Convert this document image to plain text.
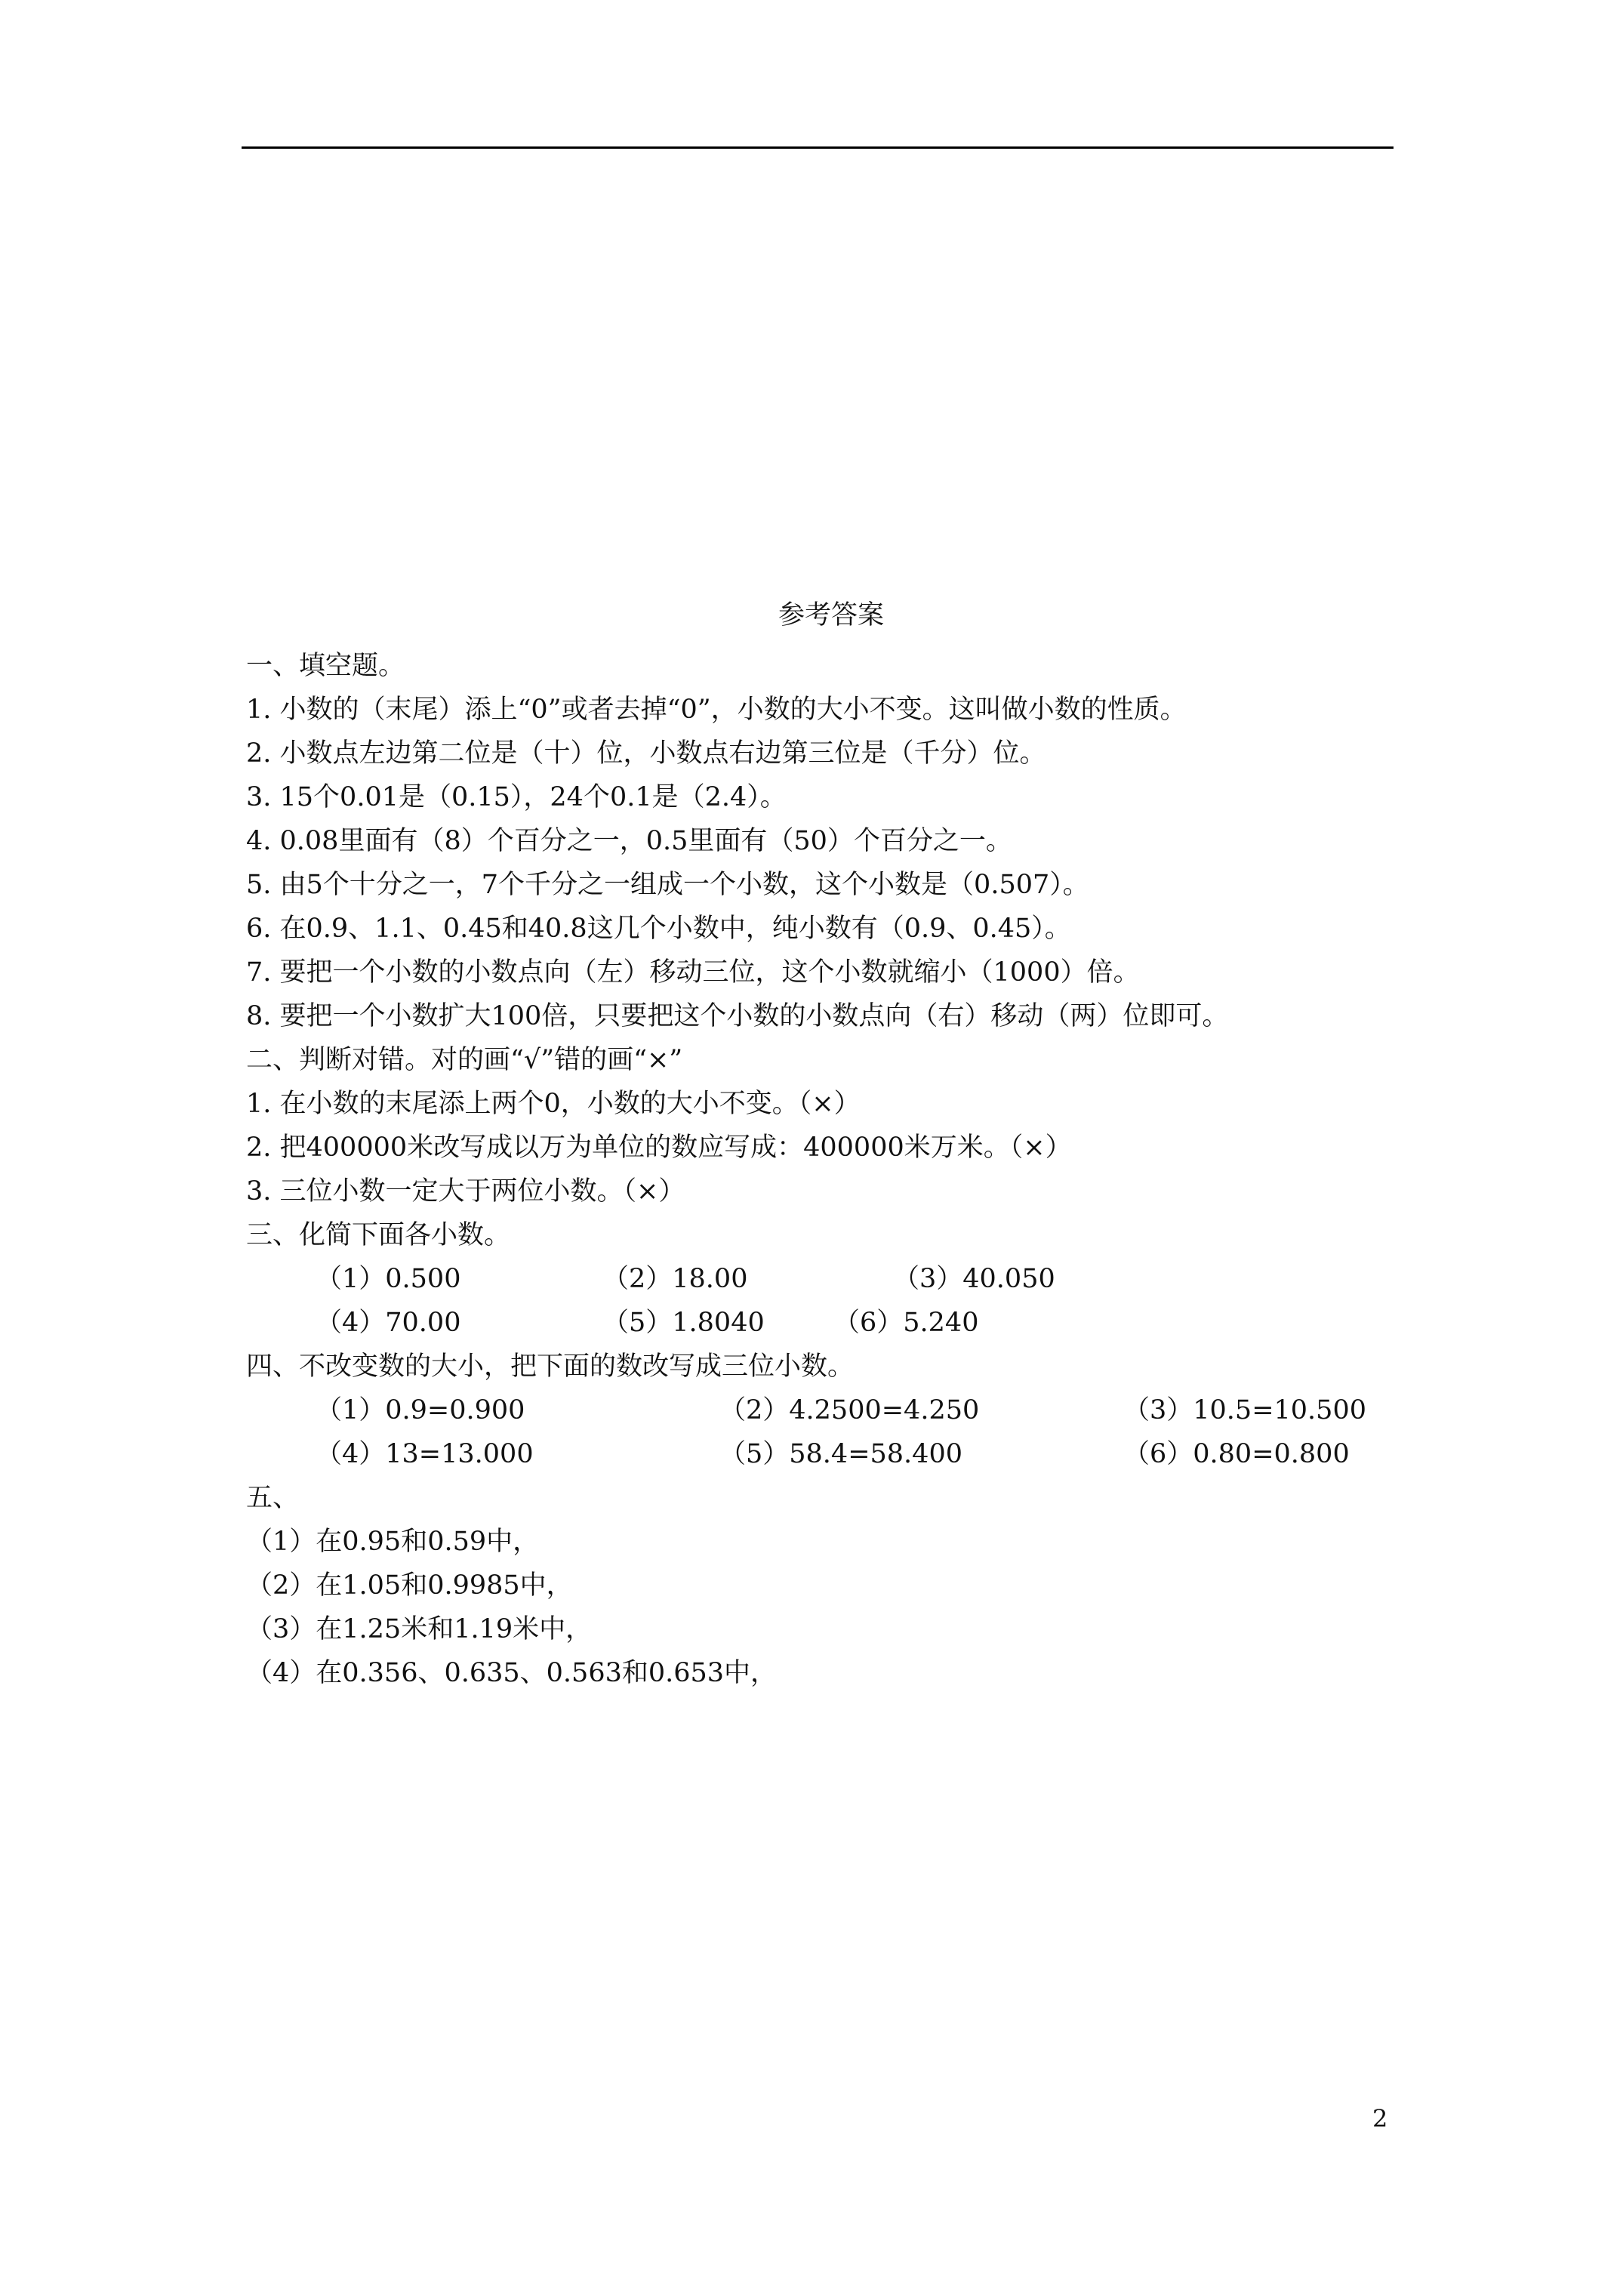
参考答案
一、填空题。
1. 小数的（末尾）添上“0”或者去掉“0”，小数的大小不变。这叫做小数的性质。
2. 小数点左边第二位是（十）位，小数点右边第三位是（千分）位。
3. 15个0.01是（0.15），24个0.1是（2.4）。
4. 0.08里面有（8）个百分之一，0.5里面有（50）个百分之一。
5. 由5个十分之一，7个千分之一组成一个小数，这个小数是（0.507）。
6. 在0.9、1.1、0.45和40.8这几个小数中，纯小数有（0.9、0.45）。
7. 要把一个小数的小数点向（左）移动三位，这个小数就缩小（1000）倍。
8. 要把一个小数扩大100倍，只要把这个小数的小数点向（右）移动（两）位即可。
二、判断对错。对的画“√”错的画“×”
1. 在小数的末尾添上两个0，小数的大小不变。（×）
2. 把400000米改写成以万为单位的数应写成：400000米万米。（×）
3. 三位小数一定大于两位小数。（×）
三、化简下面各小数。
（1）0.500	（2）18.00	（3）40.050
（4）70.00	（5）1.8040	（6）5.240
四、不改变数的大小，把下面的数改写成三位小数。
（1）0.9=0.900	（2）4.2500=4.250	（3）10.5=10.500
（4）13=13.000	（5）58.4=58.400	（6）0.80=0.800
五、
（1）在0.95和0.59中，
（2）在1.05和0.9985中，
（3）在1.25米和1.19米中，
（4）在0.356、0.635、0.563和0.653中，
2
